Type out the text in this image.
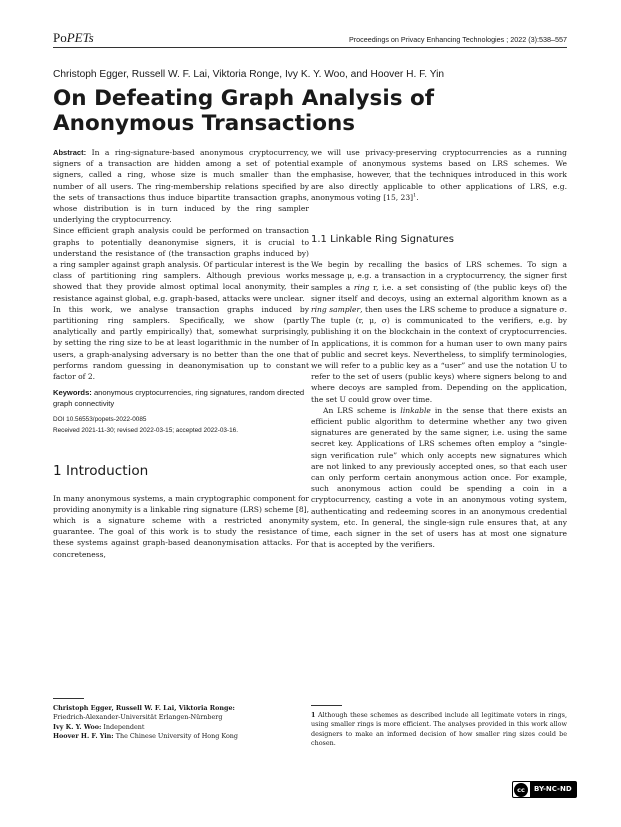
PoPETs	Proceedings on Privacy Enhancing Technologies ; 2022 (3):538–557
Christoph Egger, Russell W. F. Lai, Viktoria Ronge, Ivy K. Y. Woo, and Hoover H. F. Yin
On Defeating Graph Analysis of Anonymous Transactions

Abstract: In a ring-signature-based anonymous cryptocurrency, signers of a transaction are hidden among a set of potential signers, called a ring, whose size is much smaller than the number of all users. The ring-membership relations specified by the sets of transactions thus induce bipartite transaction graphs, whose distribution is in turn induced by the ring sampler underlying the cryptocurrency.

Since efficient graph analysis could be performed on transaction graphs to potentially deanonymise signers, it is crucial to understand the resistance of (the transaction graphs induced by) a ring sampler against graph analysis. Of particular interest is the class of partitioning ring samplers. Although previous works showed that they provide almost optimal local anonymity, their resistance against global, e.g. graph-based, attacks were unclear.

In this work, we analyse transaction graphs induced by partitioning ring samplers. Specifically, we show (partly analytically and partly empirically) that, somewhat surprisingly, by setting the ring size to be at least logarithmic in the number of users, a graph-analysing adversary is no better than the one that performs random guessing in deanonymisation up to constant factor of 2.

Keywords: anonymous cryptocurrencies, ring signatures, random directed graph connectivity
DOI 10.56553/popets-2022-0085
Received 2021-11-30; revised 2022-03-15; accepted 2022-03-16.
1 Introduction

In many anonymous systems, a main cryptographic component for providing anonymity is a linkable ring signature (LRS) scheme [8], which is a signature scheme with a restricted anonymity guarantee. The goal of this work is to study the resistance of these systems against graph-based deanonymisation attacks. For concreteness,

we will use privacy-preserving cryptocurrencies as a running example of anonymous systems based on LRS schemes. We emphasise, however, that the techniques introduced in this work are also directly applicable to other applications of LRS, e.g. anonymous voting [15, 23]$^1$.

1.1 Linkable Ring Signatures

We begin by recalling the basics of LRS schemes. To sign a message μ, e.g. a transaction in a cryptocurrency, the signer first samples a ring r, i.e. a set consisting of (the public keys of) the signer itself and decoys, using an external algorithm known as a ring sampler, then uses the LRS scheme to produce a signature σ. The tuple (r, μ, σ) is communicated to the verifiers, e.g. by publishing it on the blockchain in the context of cryptocurrencies. In applications, it is common for a human user to own many pairs of public and secret keys. Nevertheless, to simplify terminologies, we will refer to a public key as a “user” and use the notation U to refer to the set of users (public keys) where signers belong to and where decoys are sampled from. Depending on the application, the set U could grow over time.

An LRS scheme is linkable in the sense that there exists an efficient public algorithm to determine whether any two given signatures are generated by the same signer, i.e. using the same secret key. Applications of LRS schemes often employ a “single-sign verification rule” which only accepts new signatures which are not linked to any previously accepted ones, so that each user can only perform certain anonymous action once. For example, such anonymous action could be spending a coin in a cryptocurrency, casting a vote in an anonymous voting system, authenticating and redeeming scores in an anonymous credential system, etc. In general, the single-sign rule ensures that, at any time, each signer in the set of users has at most one signature that is accepted by the verifiers.

Christoph Egger, Russell W. F. Lai, Viktoria Ronge:
Friedrich-Alexander-Universität Erlangen-Nürnberg
Ivy K. Y. Woo: Independent
Hoover H. F. Yin: The Chinese University of Hong Kong

1 Although these schemes as described include all legitimate voters in rings, using smaller rings is more efficient. The analyses provided in this work allow designers to make an informed decision of how smaller ring sizes could be chosen.

cc	BY-NC-ND
